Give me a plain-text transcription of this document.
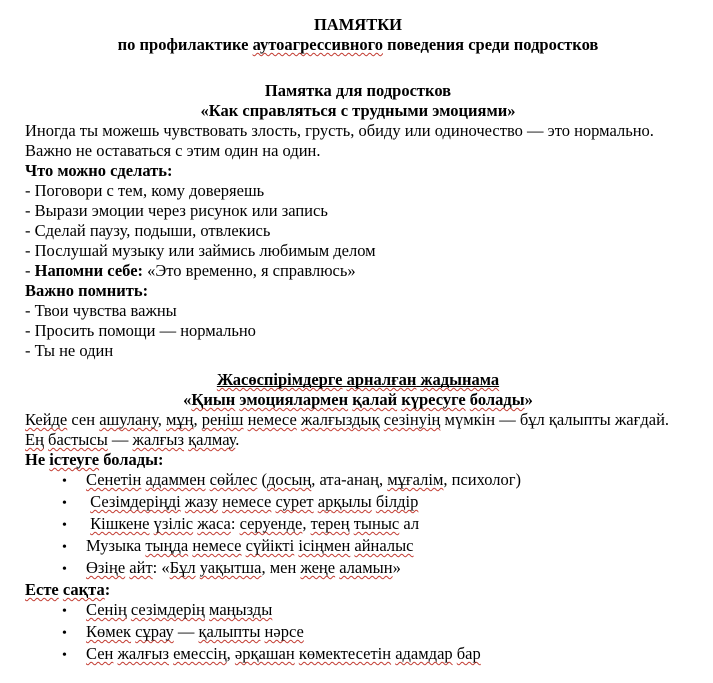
ПАМЯТКИ

по профилактике аутоагрессивного поведения среди подростков

Памятка для подростков

«Как справляться с трудными эмоциями»

Иногда ты можешь чувствовать злость, грусть, обиду или одиночество — это нормально.

Важно не оставаться с этим один на один.

Что можно сделать:

- Поговори с тем, кому доверяешь

- Вырази эмоции через рисунок или запись

- Сделай паузу, подыши, отвлекись

- Послушай музыку или займись любимым делом

- Напомни себе: «Это временно, я справлюсь»

Важно помнить:

- Твои чувства важны

- Просить помощи — нормально

- Ты не один

Жасөспірімдерге арналған жадынама

«Қиын эмоциялармен қалай күресуге болады»

Кейде сен ашулану, мұң, реніш немесе жалғыздық сезінуің мүмкін — бұл қалыпты жағдай.

Ең бастысы — жалғыз қалмау.

Не істеуге болады:

• Сенетін адаммен сөйлес (досың, ата-анаң, мұғалім, психолог)

• Сезімдеріңді жазу немесе сурет арқылы білдір

• Кішкене үзіліс жаса: серуенде, терең тыныс ал

• Музыка тыңда немесе сүйікті ісіңмен айналыс

• Өзіңе айт: «Бұл уақытша, мен жеңе аламын»

Есте сақта:

• Сенің сезімдерің маңызды

• Көмек сұрау — қалыпты нәрсе

• Сен жалғыз емессің, әрқашан көмектесетін адамдар бар
